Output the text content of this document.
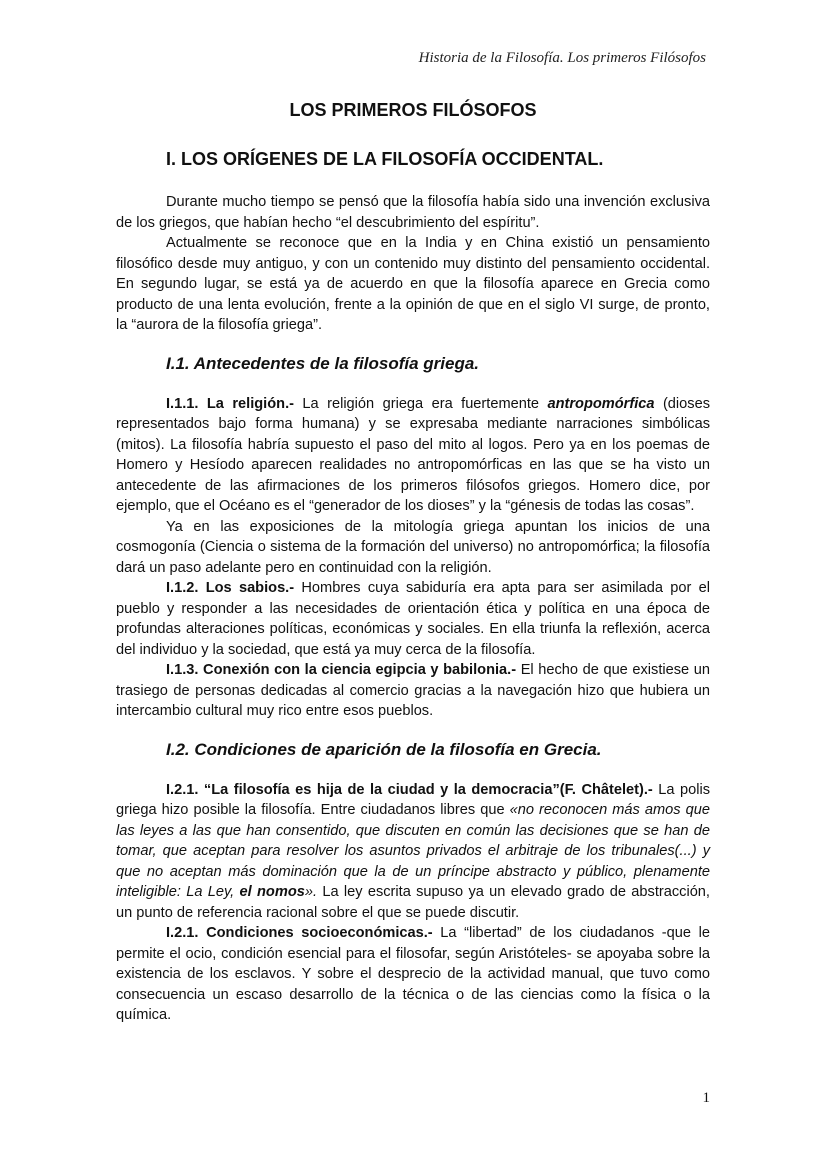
Historia de la Filosofía. Los primeros Filósofos
LOS PRIMEROS FILÓSOFOS
I. LOS ORÍGENES DE LA FILOSOFÍA OCCIDENTAL.

Durante mucho tiempo se pensó que la filosofía había sido una invención exclusiva de los griegos, que habían hecho “el descubrimiento del espíritu”.

Actualmente se reconoce que en la India y en China existió un pensamiento filosófico desde muy antiguo, y con un contenido muy distinto del pensamiento occidental. En segundo lugar, se está ya de acuerdo en que la filosofía aparece en Grecia como producto de una lenta evolución, frente a la opinión de que en el siglo VI surge, de pronto, la “aurora de la filosofía griega”.

I.1. Antecedentes de la filosofía griega.

I.1.1. La religión.- La religión griega era fuertemente antropomórfica (dioses representados bajo forma humana) y se expresaba mediante narraciones simbólicas (mitos). La filosofía habría supuesto el paso del mito al logos. Pero ya en los poemas de Homero y Hesíodo aparecen realidades no antropomórficas en las que se ha visto un antecedente de las afirmaciones de los primeros filósofos griegos. Homero dice, por ejemplo, que el Océano es el “generador de los dioses” y la “génesis de todas las cosas”.

Ya en las exposiciones de la mitología griega apuntan los inicios de una cosmogonía (Ciencia o sistema de la formación del universo) no antropomórfica; la filosofía dará un paso adelante pero en continuidad con la religión.

I.1.2. Los sabios.- Hombres cuya sabiduría era apta para ser asimilada por el pueblo y responder a las necesidades de orientación ética y política en una época de profundas alteraciones políticas, económicas y sociales. En ella triunfa la reflexión, acerca del individuo y la sociedad, que está ya muy cerca de la filosofía.

I.1.3. Conexión con la ciencia egipcia y babilonia.- El hecho de que existiese un trasiego de personas dedicadas al comercio gracias a la navegación hizo que hubiera un intercambio cultural muy rico entre esos pueblos.

I.2. Condiciones de aparición de la filosofía en Grecia.

I.2.1. “La filosofía es hija de la ciudad y la democracia”(F. Châtelet).- La polis griega hizo posible la filosofía. Entre ciudadanos libres que «no reconocen más amos que las leyes a las que han consentido, que discuten en común las decisiones que se han de tomar, que aceptan para resolver los asuntos privados el arbitraje de los tribunales(...) y que no aceptan más dominación que la de un príncipe abstracto y público, plenamente inteligible: La Ley, el nomos». La ley escrita supuso ya un elevado grado de abstracción, un punto de referencia racional sobre el que se puede discutir.

I.2.1. Condiciones socioeconómicas.- La “libertad” de los ciudadanos -que le permite el ocio, condición esencial para el filosofar, según Aristóteles- se apoyaba sobre la existencia de los esclavos. Y sobre el desprecio de la actividad manual, que tuvo como consecuencia un escaso desarrollo de la técnica o de las ciencias como la física o la química.

1
